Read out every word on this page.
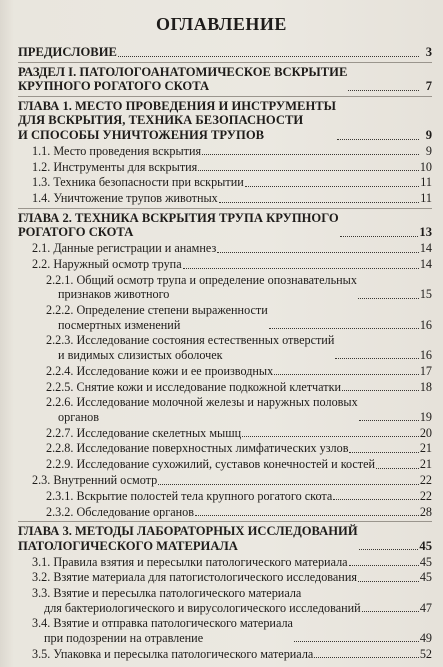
ОГЛАВЛЕНИЕ
ПРЕДИСЛОВИЕ	3
РАЗДЕЛ I. ПАТОЛОГОАНАТОМИЧЕСКОЕ ВСКРЫТИЕ
КРУПНОГО РОГАТОГО СКОТА	7
ГЛАВА 1. МЕСТО ПРОВЕДЕНИЯ И ИНСТРУМЕНТЫ
ДЛЯ ВСКРЫТИЯ, ТЕХНИКА БЕЗОПАСНОСТИ
И СПОСОБЫ УНИЧТОЖЕНИЯ ТРУПОВ	9
1.1. Место проведения вскрытия	9
1.2. Инструменты для вскрытия	10
1.3. Техника безопасности при вскрытии	11
1.4. Уничтожение трупов животных	11
ГЛАВА 2. ТЕХНИКА ВСКРЫТИЯ ТРУПА КРУПНОГО
РОГАТОГО СКОТА	13
2.1. Данные регистрации и анамнез	14
2.2. Наружный осмотр трупа	14
2.2.1. Общий осмотр трупа и определение опознавательных
признаков животного	15
2.2.2. Определение степени выраженности
посмертных изменений	16
2.2.3. Исследование состояния естественных отверстий
и видимых слизистых оболочек	16
2.2.4. Исследование кожи и ее производных	17
2.2.5. Снятие кожи и исследование подкожной клетчатки	18
2.2.6. Исследование молочной железы и наружных половых
органов	19
2.2.7. Исследование скелетных мышц	20
2.2.8. Исследование поверхностных лимфатических узлов	21
2.2.9. Исследование сухожилий, суставов конечностей и костей	21
2.3. Внутренний осмотр	22
2.3.1. Вскрытие полостей тела крупного рогатого скота	22
2.3.2. Обследование органов	28
ГЛАВА 3. МЕТОДЫ ЛАБОРАТОРНЫХ ИССЛЕДОВАНИЙ
ПАТОЛОГИЧЕСКОГО МАТЕРИАЛА	45
3.1. Правила взятия и пересылки патологического материала	45
3.2. Взятие материала для патогистологического исследования	45
3.3. Взятие и пересылка патологического материала
для бактериологического и вирусологического исследований	47
3.4. Взятие и отправка патологического материала
при подозрении на отравление	49
3.5. Упаковка и пересылка патологического материала	52
